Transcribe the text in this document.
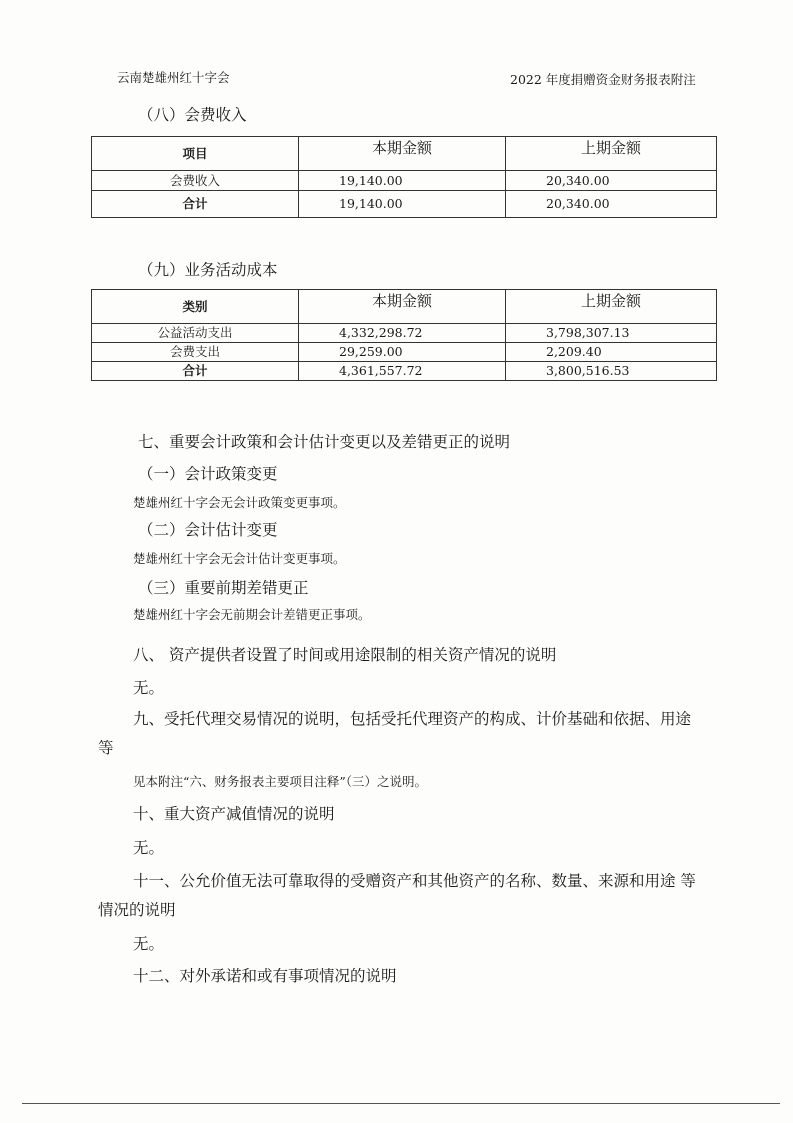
云南楚雄州红十字会	2022 年度捐赠资金财务报表附注
（八）会费收入
项目	本期金额	上期金额
会费收入	19,140.00	20,340.00
合计	19,140.00	20,340.00
（九）业务活动成本
类别	本期金额	上期金额
公益活动支出	4,332,298.72	3,798,307.13
会费支出	29,259.00	2,209.40
合计	4,361,557.72	3,800,516.53
七、重要会计政策和会计估计变更以及差错更正的说明
（一）会计政策变更
楚雄州红十字会无会计政策变更事项。
（二）会计估计变更
楚雄州红十字会无会计估计变更事项。
（三）重要前期差错更正
楚雄州红十字会无前期会计差错更正事项。
八、 资产提供者设置了时间或用途限制的相关资产情况的说明
无。
九、受托代理交易情况的说明，包括受托代理资产的构成、计价基础和依据、用途
等
见本附注“六、财务报表主要项目注释”（三）之说明。
十、重大资产减值情况的说明
无。
十一、公允价值无法可靠取得的受赠资产和其他资产的名称、数量、来源和用途 等
情况的说明
无。
十二、对外承诺和或有事项情况的说明
